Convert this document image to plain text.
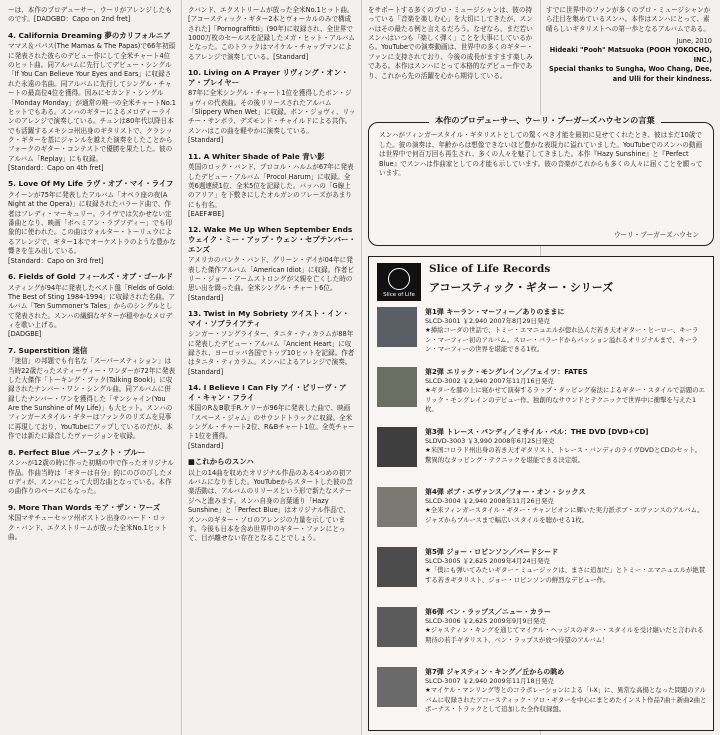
ーは、本作のプロデューサー、ウーリがアレンジしたものです。[DADGBD：Capo on 2nd fret]

4. California Dreaming 夢のカリフォルニア

ママス＆パパス(The Mamas & The Papas)で66年初頭に発表された彼らのデビュー作にして全米チャート4位のヒット曲。同アルバムに先行してデビュー・シングル「If You Can Believe Your Eyes and Ears」に収録された永遠の名曲。同アルバムに先行してシングル・チャートの最高位4位を獲得。因みにセカンド・シングル「Monday Monday」が通常の唯一の全米チャートNo.1ヒットでもある。スンハのギターによるメロディーラインのアレンジで演奏している。チュンは80年代以降日本でも活躍するメキシコ州出身のギタリストで、クラシック・ギターを基にジャンルを越えた演奏をしたことからフォークのギター・コンテストで優勝を果たした。彼のアルバム「Replay」にも収録。

[Standard：Capo on 4th fret]
5. Love Of My Life ラヴ・オブ・マイ・ライフ

クイーンが75年に発表したアルバム「オペラ座の夜(A Night at the Opera)」に収録されたバラード曲で、作者はフレディ・マーキュリー。ライヴでは欠かせない定番曲となり、映画「ボヘミアン・ラプソディー」でも印象的に使われた。この曲はウォルター・トーリュウによるアレンジで、ギター1本でオーケストラのような豊かな響きを生み出している。

[Standard：Capo on 3rd fret]
6. Fields of Gold フィールズ・オブ・ゴールド

スティングが94年に発表したベスト盤「Fields of Gold: The Best of Sting 1984-1994」に収録された名曲。アルバム「Ten Summoner's Tales」からのシングルとして発表された。スンハの繊細なギターが穏やかなメロディを歌い上げる。

[DADGBE]
7. Superstition 迷信

「迷信」の邦題でも有名な「スーパースティション」は当時22歳だったスティーヴィー・ワンダーが72年に発表した大傑作「トーキング・ブック(Talking Book)」に収録されたナンバー・ワン・シングル曲。同アルバムに併録したナンバー・ワンを獲得した「サンシャイン(You Are the Sunshine of My Life)」も大ヒット。スンハのフィンガースタイル・ギターはファンクのリズムを見事に再現しており、YouTubeにアップしているのだが、本作では新たに録音したヴァージョンを収録。

8. Perfect Blue パーフェクト・ブルー

スンハが12歳の時に作った初期の中で作ったオリジナル作品。作曲当時は「ギターは自分」的にのびのびしたメロディが、スンハにとって大切な曲となっている。本作の曲作りのベースにもなった。

9. More Than Words モア・ザン・ワーズ

米国マサチューセッツ州ボストン出身のハード・ロック・バンド、エクストリームが放った全米No.1ヒット曲。

クバンド、エクストリームが放った全米No.1ヒット曲。[アコースティック・ギター2本とヴォーカルのみで構成された]「Pornograffitti」(90年)に収録され、全世界で1000万枚のセールスを記録したメガ・ヒット・アルバムとなった。このトラックはマイケル・チャップマンによるアレンジで演奏している。[Standard]

10. Living on A Prayer リヴィング・オン・ア・プレイヤー

87年に全米シングル・チャート1位を獲得したボン・ジョヴィの代表曲。その後リリースされたアルバム「Slippery When Wet」に収録。ボン・ジョヴィ、リッチー・サンボラ、デズモンド・チャイルドによる共作。スンハはこの曲を軽やかに演奏している。

[Standard]
11. A Whiter Shade of Pale 青い影

英国のロック・バンド、プロコル・ハルムが67年に発表したデビュー・アルバム「Procol Harum」に収録。全英6週連続1位、全米5位を記録した。バッハの「G線上のアリア」を下敷きにしたオルガンのフレーズがあまりにも有名。

[EAEF#BE]
12. Wake Me Up When September Ends ウェイク・ミー・アップ・ウェン・セプテンバー・エンズ

アメリカのパンク・バンド、グリーン・デイが04年に発表した傑作アルバム「American Idiot」に収録。作者ビリー・ジョー・アームストロングが父親を亡くした時の思い出を綴った曲。全米シングル・チャート6位。

[Standard]
13. Twist in My Sobriety ツイスト・イン・マイ・ソブライアティ

シンガー・ソングライター、タニタ・ティカラムが88年に発表したデビュー・アルバム「Ancient Heart」に収録され、ヨーロッパ各国でトップ10ヒットを記録。作者はタニタ・ティカラム。スンハによるアレンジで演奏。

[Standard]
14. I Believe I Can Fly アイ・ビリーヴ・アイ・キャン・フライ

米国のR＆B歌手R.ケリーが96年に発表した曲で、映画「スペース・ジャム」のサウンドトラックに収録。全米シングル・チャート2位、R&Bチャート1位。全英チャート1位を獲得。

[Standard]
■これからのスンハ

以上の14曲を収めたオリジナル作品のある4つめの初アルバムになりました。YouTubeからスタートした彼の音楽活動は、アルバムのリリースという形で新たなステージへと進みます。スンハ自身の言葉通り「Hazy Sunshine」と「Perfect Blue」はオリジナル作品で、スンハのギター・ソロのアレンジの力量を示しています。今後も日本を含め世界中のギター・ファンにとって、目が離せない存在となることでしょう。

をサポートする多くのプロ・ミュージシャンは、彼の持っている「音楽を楽しむ心」を大切にしてきたが、スンハはその最たる例と言えるだろう。なぜなら、まだ若いスンハはいつも「楽しく弾く」ことを大事にしているから。YouTubeでの演奏動画は、世界中の多くのギター・ファンに支持されており、今後の成長がますます楽しみである。本作はスンハにとって本格的なデビュー作であり、これから先の活躍を心から期待している。

すでに世界中のファンが多くのプロ・ミュージシャンから注目を集めているスンハ。本作はスンハにとって、素晴らしいギタリストへの第一歩となるアルバムである。

June, 2010
Hideaki "Pooh" Matsuoka (POOH YOKOCHO, INC.)
Special thanks to Sungha, Woo Chang, Dee, and Ulli for their kindness.
本作のプロデューサー、ウーリ・ブーガーズハウセンの言葉
スンハがフィンガースタイル・ギタリストとしての驚くべき才能を最初に見せてくれたとき、彼はまだ10歳でした。彼の演奏は、年齢からは想像できないほど豊かな表現力に溢れていました。YouTubeでのスンハの動画は世界中で何百万回も再生され、多くの人々を魅了してきました。本作『Hazy Sunshine』と『Perfect Blue』でスンハは作曲家としての才能も示しています。彼の音楽がこれからも多くの人々に届くことを願っています。
ウーリ・ブーガーズハウセン
Slice of Life
Slice of Life Records
アコースティック・ギター・シリーズ
第1弾 キーラン・マーフィー／ありのままに
SLCD-3001 ￥2,940 2007年8月29日発売
★挿絵コーダの世話で、トミー・エマニュエルが惚れ込んだ若き天才ギター・ヒーロー、キーラン・マーフィー初のアルバム。スロー・バラードからパッション溢れるオリジナルまで、キーラン・マーフィーの世界を堪能できる1枚。
第2弾 エリック・モングレイン／フェイツ：FATES
SLCD-3002 ￥2,940 2007年11月16日発売
★ギターを膝の上に寝かせて演奏するラップ・タッピング奏法によるギター・スタイルで話題のエリック・モングレインのデビュー作。独創的なサウンドとテクニックで世界中に衝撃を与えた1枚。
第3弾 トレース・バンディ／ミサイル・ベル：THE DVD [DVD+CD]
SLDVD-3003 ￥3,990 2008年6月25日発売
★米国コロラド州出身の若き天才ギタリスト、トレース・バンディのライヴDVDとCDのセット。驚異的なタッピング・テクニックを堪能できる決定版。
第4弾 ボブ・エヴァンス／フォー・オン・シックス
SLCD-3004 ￥2,940 2008年11月26日発売
★全米フィンガースタイル・ギター・チャンピオンに輝いた実力派ボブ・エヴァンスのアルバム。ジャズからブルースまで幅広いスタイルを聴かせる1枚。
第5弾 ジョー・ロビンソン／バードシード
SLCD-3005 ￥2,625 2009年4月24日発売
★「僕にも弾いてみたいギター・ミュージックは、まさに追加だ」とトミー・エマニュエルが絶賛する若きギタリスト、ジョー・ロビンソンの鮮烈なデビュー作。
第6弾 ベン・ラップス／ニュー・カラー
SLCD-3006 ￥2,625 2009年9月9日発売
★ジャスティン・キングを通じてマイケル・ヘッジスのギター・スタイルを受け継いだと言われる期待の若手ギタリスト、ベン・ラップスが放つ待望のアルバム！
第7弾 ジャスティン・キング／丘からの眺め
SLCD-3007 ￥2,940 2009年11月18日発売
★マイケル・マンリング等とのコラボレーションによる「I-X」に、異常な高揚となった問題のアルバムに収録されたアコースティック・ソロ・ギターを中心にまとめたインスト作品7曲＋新曲2曲とボーナス・トラックとして追加した全作収録盤。
